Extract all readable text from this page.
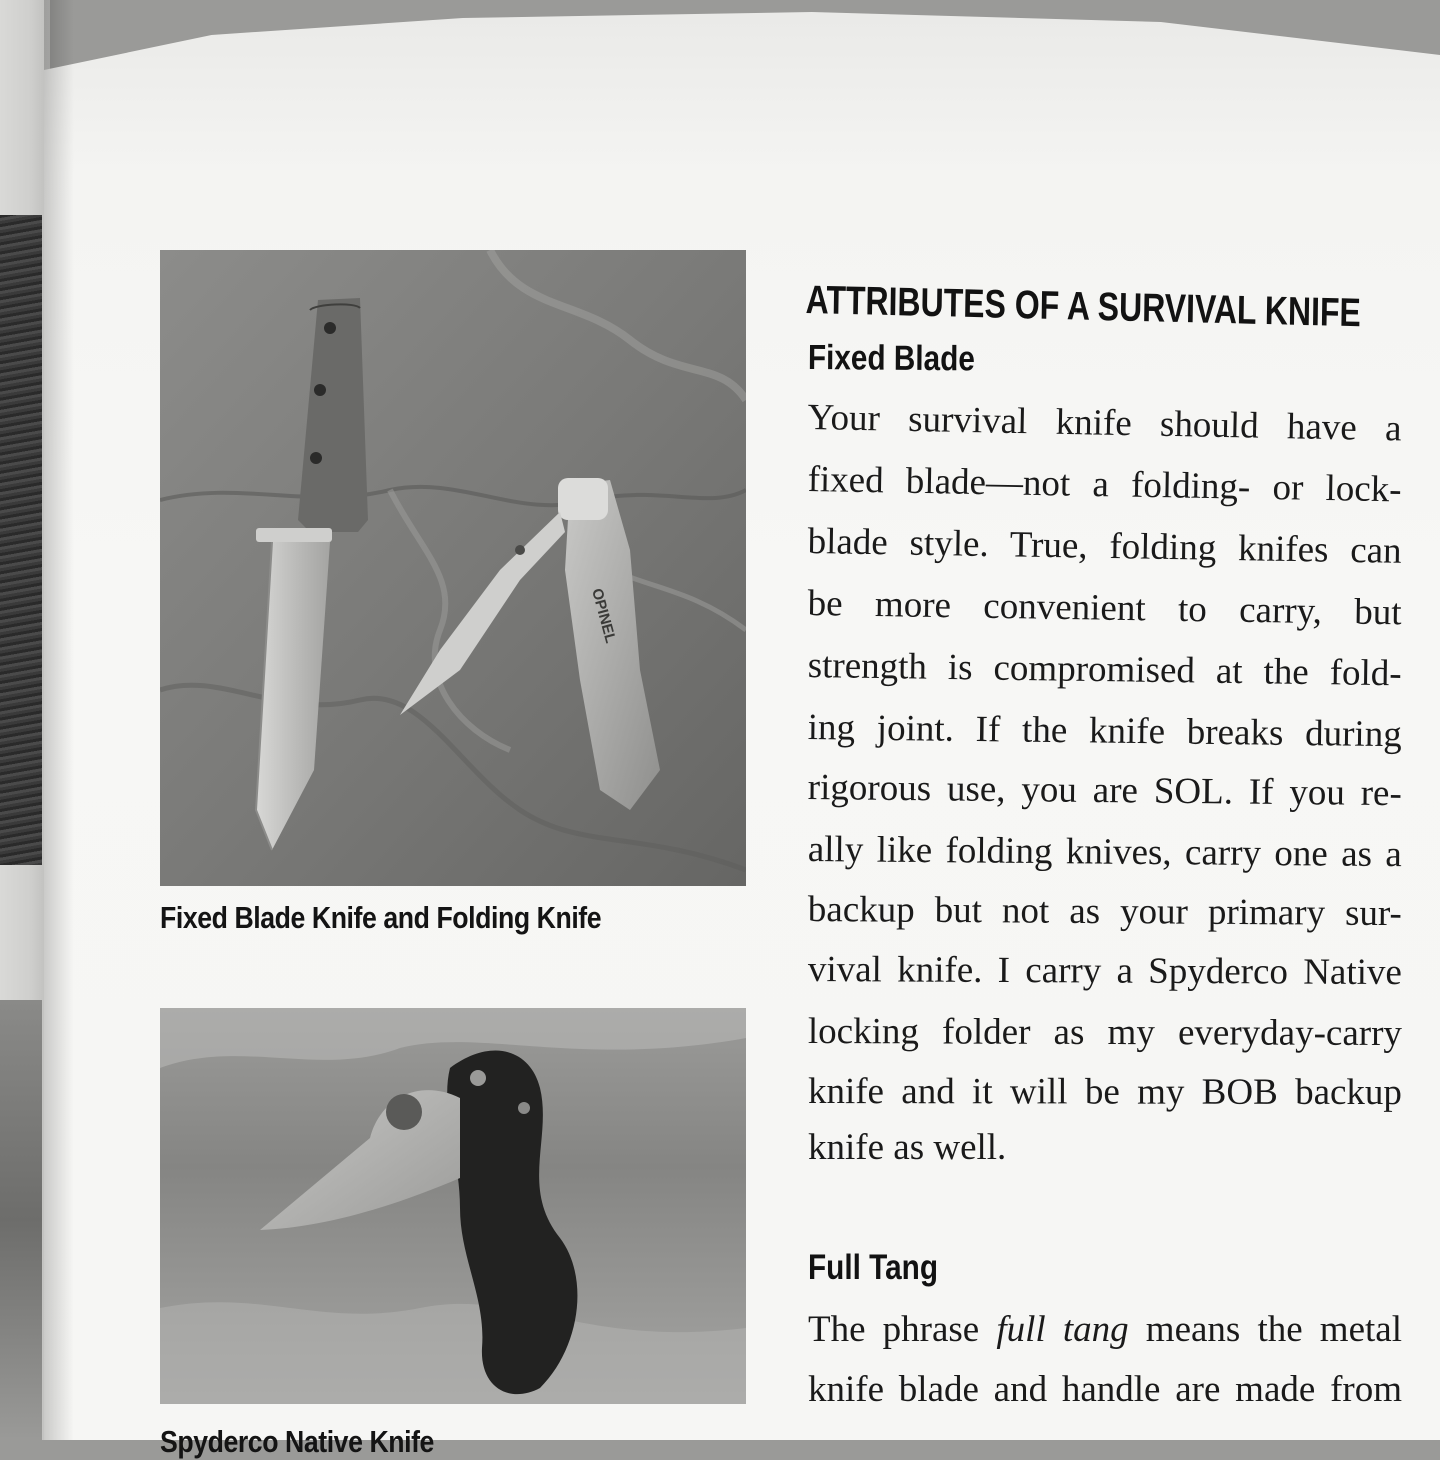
OPINEL
Fixed Blade Knife and Folding Knife
Spyderco Native Knife
ATTRIBUTES OF A SURVIVAL KNIFE
Fixed Blade
Your survival knife should have a
fixed blade—not a folding- or lock-
blade style. True, folding knifes can
be more convenient to carry, but
strength is compromised at the fold-
ing joint. If the knife breaks during
rigorous use, you are SOL. If you re-
ally like folding knives, carry one as a
backup but not as your primary sur-
vival knife. I carry a Spyderco Native
locking folder as my everyday-carry
knife and it will be my BOB backup
knife as well.
Full Tang
The phrase full tang means the metal
knife blade and handle are made from
